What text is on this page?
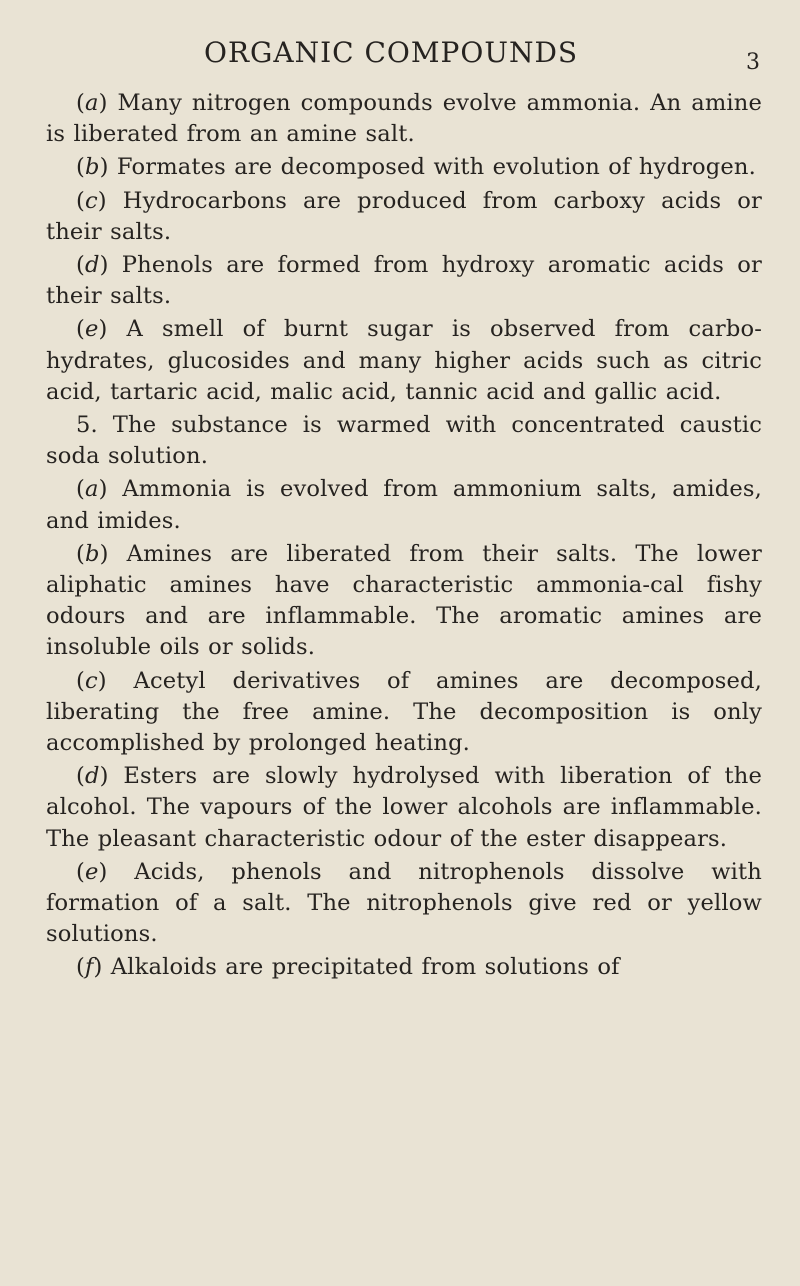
ORGANIC COMPOUNDS	3

(a) Many nitrogen compounds evolve ammonia. An amine is liberated from an amine salt.

(b) Formates are decomposed with evolution of hydrogen.

(c) Hydrocarbons are produced from carboxy acids or their salts.

(d) Phenols are formed from hydroxy aromatic acids or their salts.

(e) A smell of burnt sugar is observed from carbo-hydrates, glucosides and many higher acids such as citric acid, tartaric acid, malic acid, tannic acid and gallic acid.

5. The substance is warmed with concentrated caustic soda solution.

(a) Ammonia is evolved from ammonium salts, amides, and imides.

(b) Amines are liberated from their salts. The lower aliphatic amines have characteristic ammonia-cal fishy odours and are inflammable. The aromatic amines are insoluble oils or solids.

(c) Acetyl derivatives of amines are decomposed, liberating the free amine. The decomposition is only accomplished by prolonged heating.

(d) Esters are slowly hydrolysed with liberation of the alcohol. The vapours of the lower alcohols are inflammable. The pleasant characteristic odour of the ester disappears.

(e) Acids, phenols and nitrophenols dissolve with formation of a salt. The nitrophenols give red or yellow solutions.

(f) Alkaloids are precipitated from solutions of
